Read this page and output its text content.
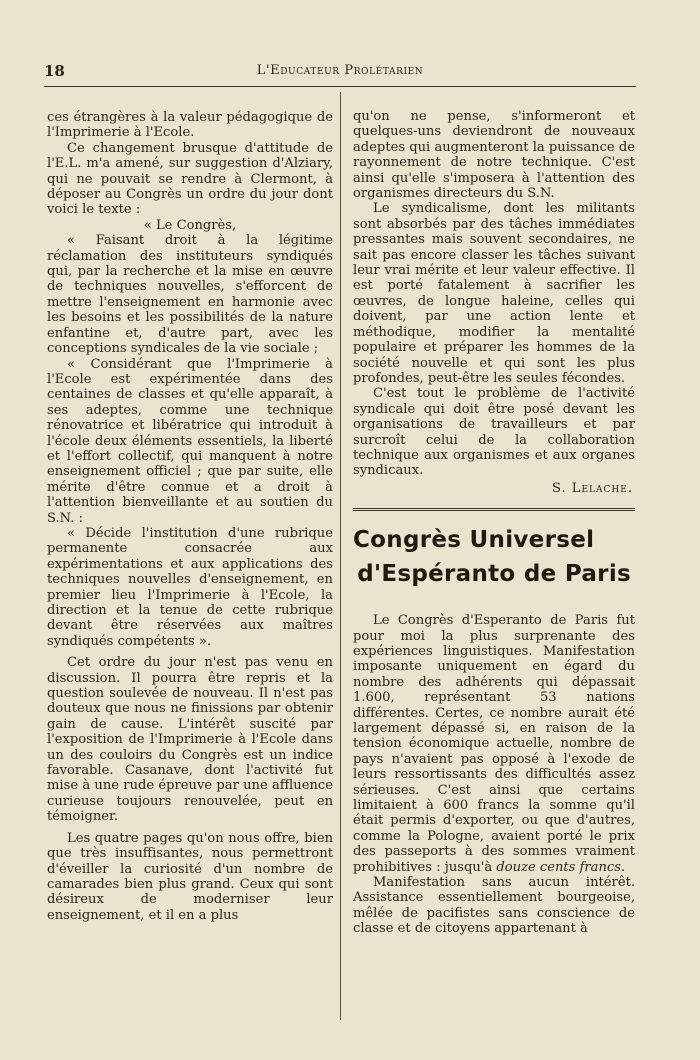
18	L'Educateur Prolétarien

ces étrangères à la valeur pédagogique de l'Imprimerie à l'Ecole.

Ce changement brusque d'attitude de l'E.L. m'a amené, sur suggestion d'Alziary, qui ne pouvait se rendre à Clermont, à déposer au Congrès un ordre du jour dont voici le texte :

« Le Congrès,

« Faisant droit à la légitime réclamation des instituteurs syndiqués qui, par la recherche et la mise en œuvre de techniques nouvelles, s'efforcent de mettre l'enseignement en harmonie avec les besoins et les possibilités de la nature enfantine et, d'autre part, avec les conceptions syndicales de la vie sociale ;

« Considérant que l'Imprimerie à l'Ecole est expérimentée dans des centaines de classes et qu'elle apparaît, à ses adeptes, comme une technique rénovatrice et libératrice qui introduit à l'école deux éléments essentiels, la liberté et l'effort collectif, qui manquent à notre enseignement officiel ; que par suite, elle mérite d'être connue et a droit à l'attention bienveillante et au soutien du S.N. :

« Décide l'institution d'une rubrique permanente consacrée aux expérimentations et aux applications des techniques nouvelles d'enseignement, en premier lieu l'Imprimerie à l'Ecole, la direction et la tenue de cette rubrique devant être réservées aux maîtres syndiqués compétents ».

Cet ordre du jour n'est pas venu en discussion. Il pourra être repris et la question soulevée de nouveau. Il n'est pas douteux que nous ne finissions par obtenir gain de cause. L'intérêt suscité par l'exposition de l'Imprimerie à l'Ecole dans un des couloirs du Congrès est un indice favorable. Casanave, dont l'activité fut mise à une rude épreuve par une affluence curieuse toujours renouvelée, peut en témoigner.

Les quatre pages qu'on nous offre, bien que très insuffisantes, nous permettront d'éveiller la curiosité d'un nombre de camarades bien plus grand. Ceux qui sont désireux de moderniser leur enseignement, et il en a plus

qu'on ne pense, s'informeront et quelques-uns deviendront de nouveaux adeptes qui augmenteront la puissance de rayonnement de notre technique. C'est ainsi qu'elle s'imposera à l'attention des organismes directeurs du S.N.

Le syndicalisme, dont les militants sont absorbés par des tâches immédiates pressantes mais souvent secondaires, ne sait pas encore classer les tâches suivant leur vrai mérite et leur valeur effective. Il est porté fatalement à sacrifier les œuvres, de longue haleine, celles qui doivent, par une action lente et méthodique, modifier la mentalité populaire et préparer les hommes de la société nouvelle et qui sont les plus profondes, peut-être les seules fécondes.

C'est tout le problème de l'activité syndicale qui doit être posé devant les organisations de travailleurs et par surcroît celui de la collaboration technique aux organismes et aux organes syndicaux.

S. Lelache.

Congrès Universel
d'Espéranto de Paris

Le Congrès d'Esperanto de Paris fut pour moi la plus surprenante des expériences linguistiques. Manifestation imposante uniquement en égard du nombre des adhérents qui dépassait 1.600, représentant 53 nations différentes. Certes, ce nombre aurait été largement dépassé si, en raison de la tension économique actuelle, nombre de pays n'avaient pas opposé à l'exode de leurs ressortissants des difficultés assez sérieuses. C'est ainsi que certains limitaient à 600 francs la somme qu'il était permis d'exporter, ou que d'autres, comme la Pologne, avaient porté le prix des passeports à des sommes vraiment prohibitives : jusqu'à douze cents francs.

Manifestation sans aucun intérêt. Assistance essentiellement bourgeoise, mêlée de pacifistes sans conscience de classe et de citoyens appartenant à
